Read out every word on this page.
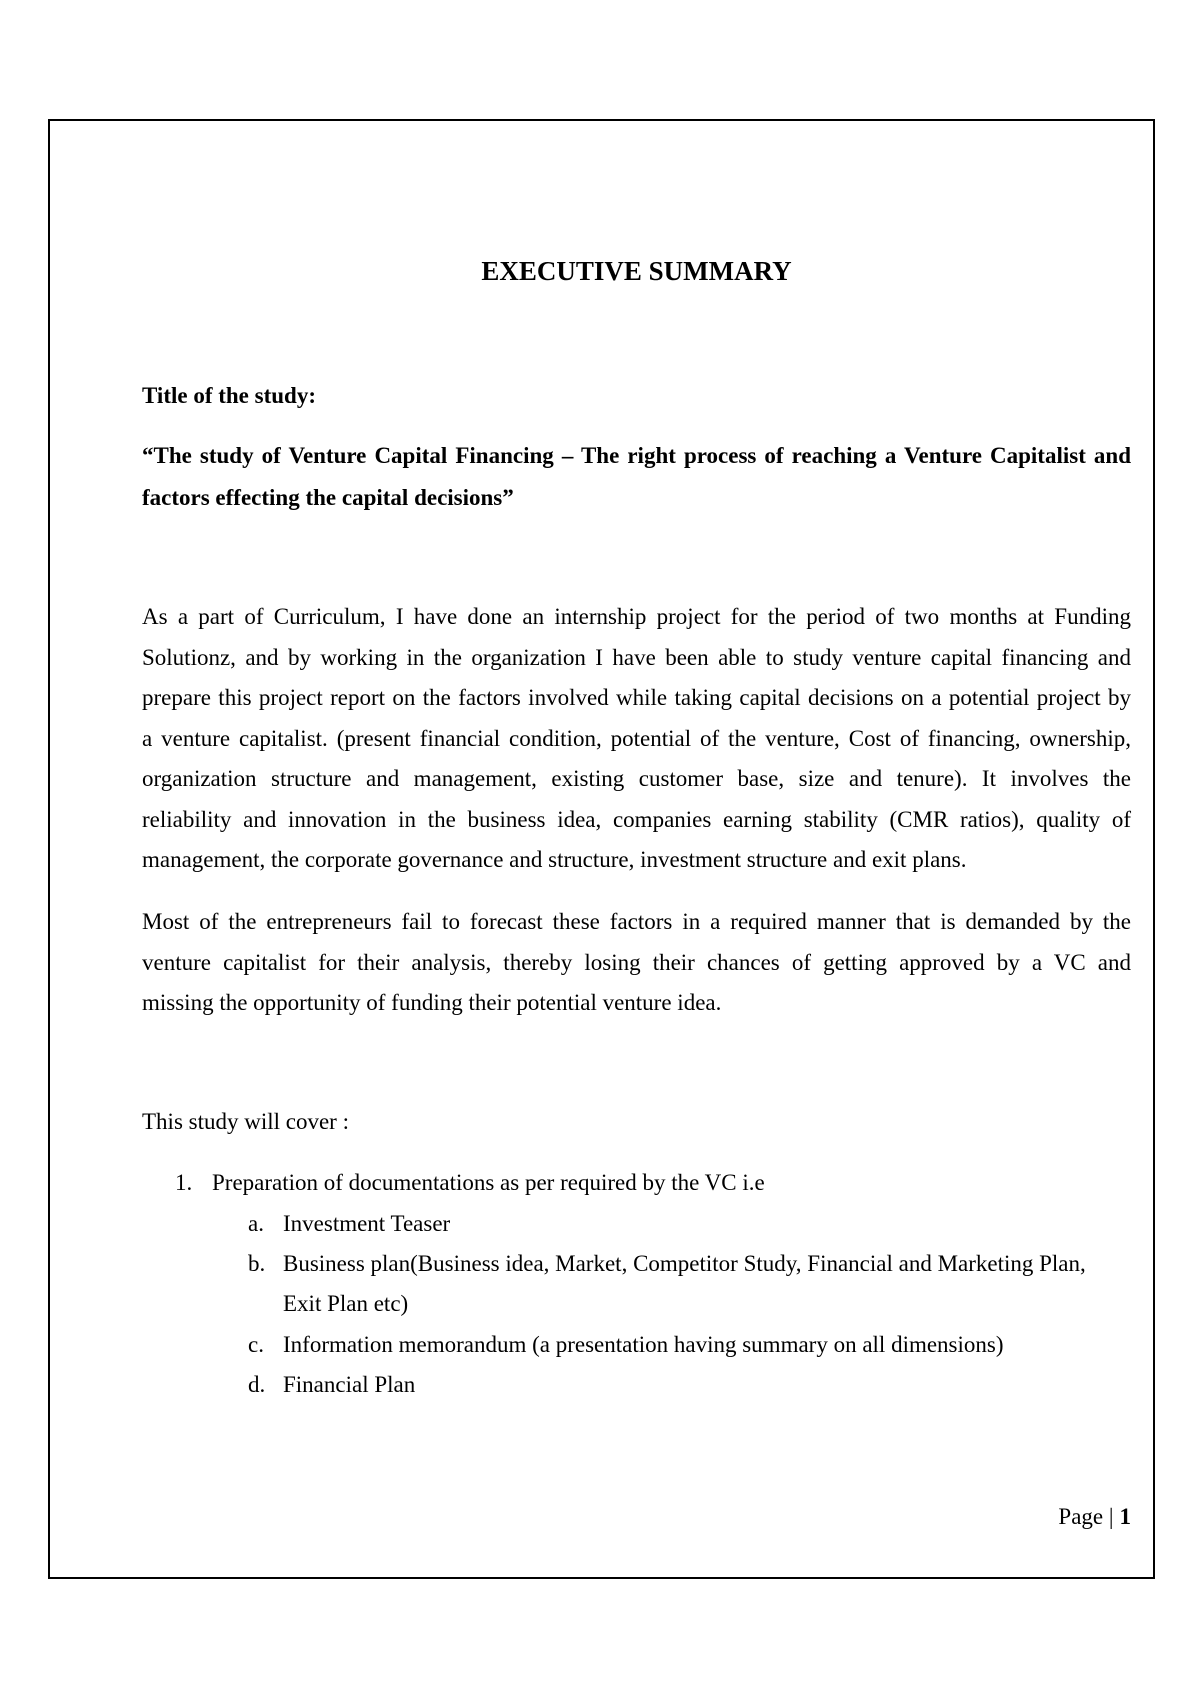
EXECUTIVE SUMMARY
Title of the study:
“The study of Venture Capital Financing – The right process of reaching a Venture Capitalist and
factors effecting the capital decisions”
As a part of Curriculum, I have done an internship project for the period of two months at Funding
Solutionz, and by working in the organization I have been able to study venture capital financing and
prepare this project report on the factors involved while taking capital decisions on a potential project by
a venture capitalist. (present financial condition, potential of the venture, Cost of financing, ownership,
organization structure and management, existing customer base, size and tenure). It involves the
reliability and innovation in the business idea, companies earning stability (CMR ratios), quality of
management, the corporate governance and structure, investment structure and exit plans.
Most of the entrepreneurs fail to forecast these factors in a required manner that is demanded by the
venture capitalist for their analysis, thereby losing their chances of getting approved by a VC and
missing the opportunity of funding their potential venture idea.
This study will cover :
1. Preparation of documentations as per required by the VC i.e
a. Investment Teaser
b. Business plan(Business idea, Market, Competitor Study, Financial and Marketing Plan,
Exit Plan etc)
c. Information memorandum (a presentation having summary on all dimensions)
d. Financial Plan
Page | 1
